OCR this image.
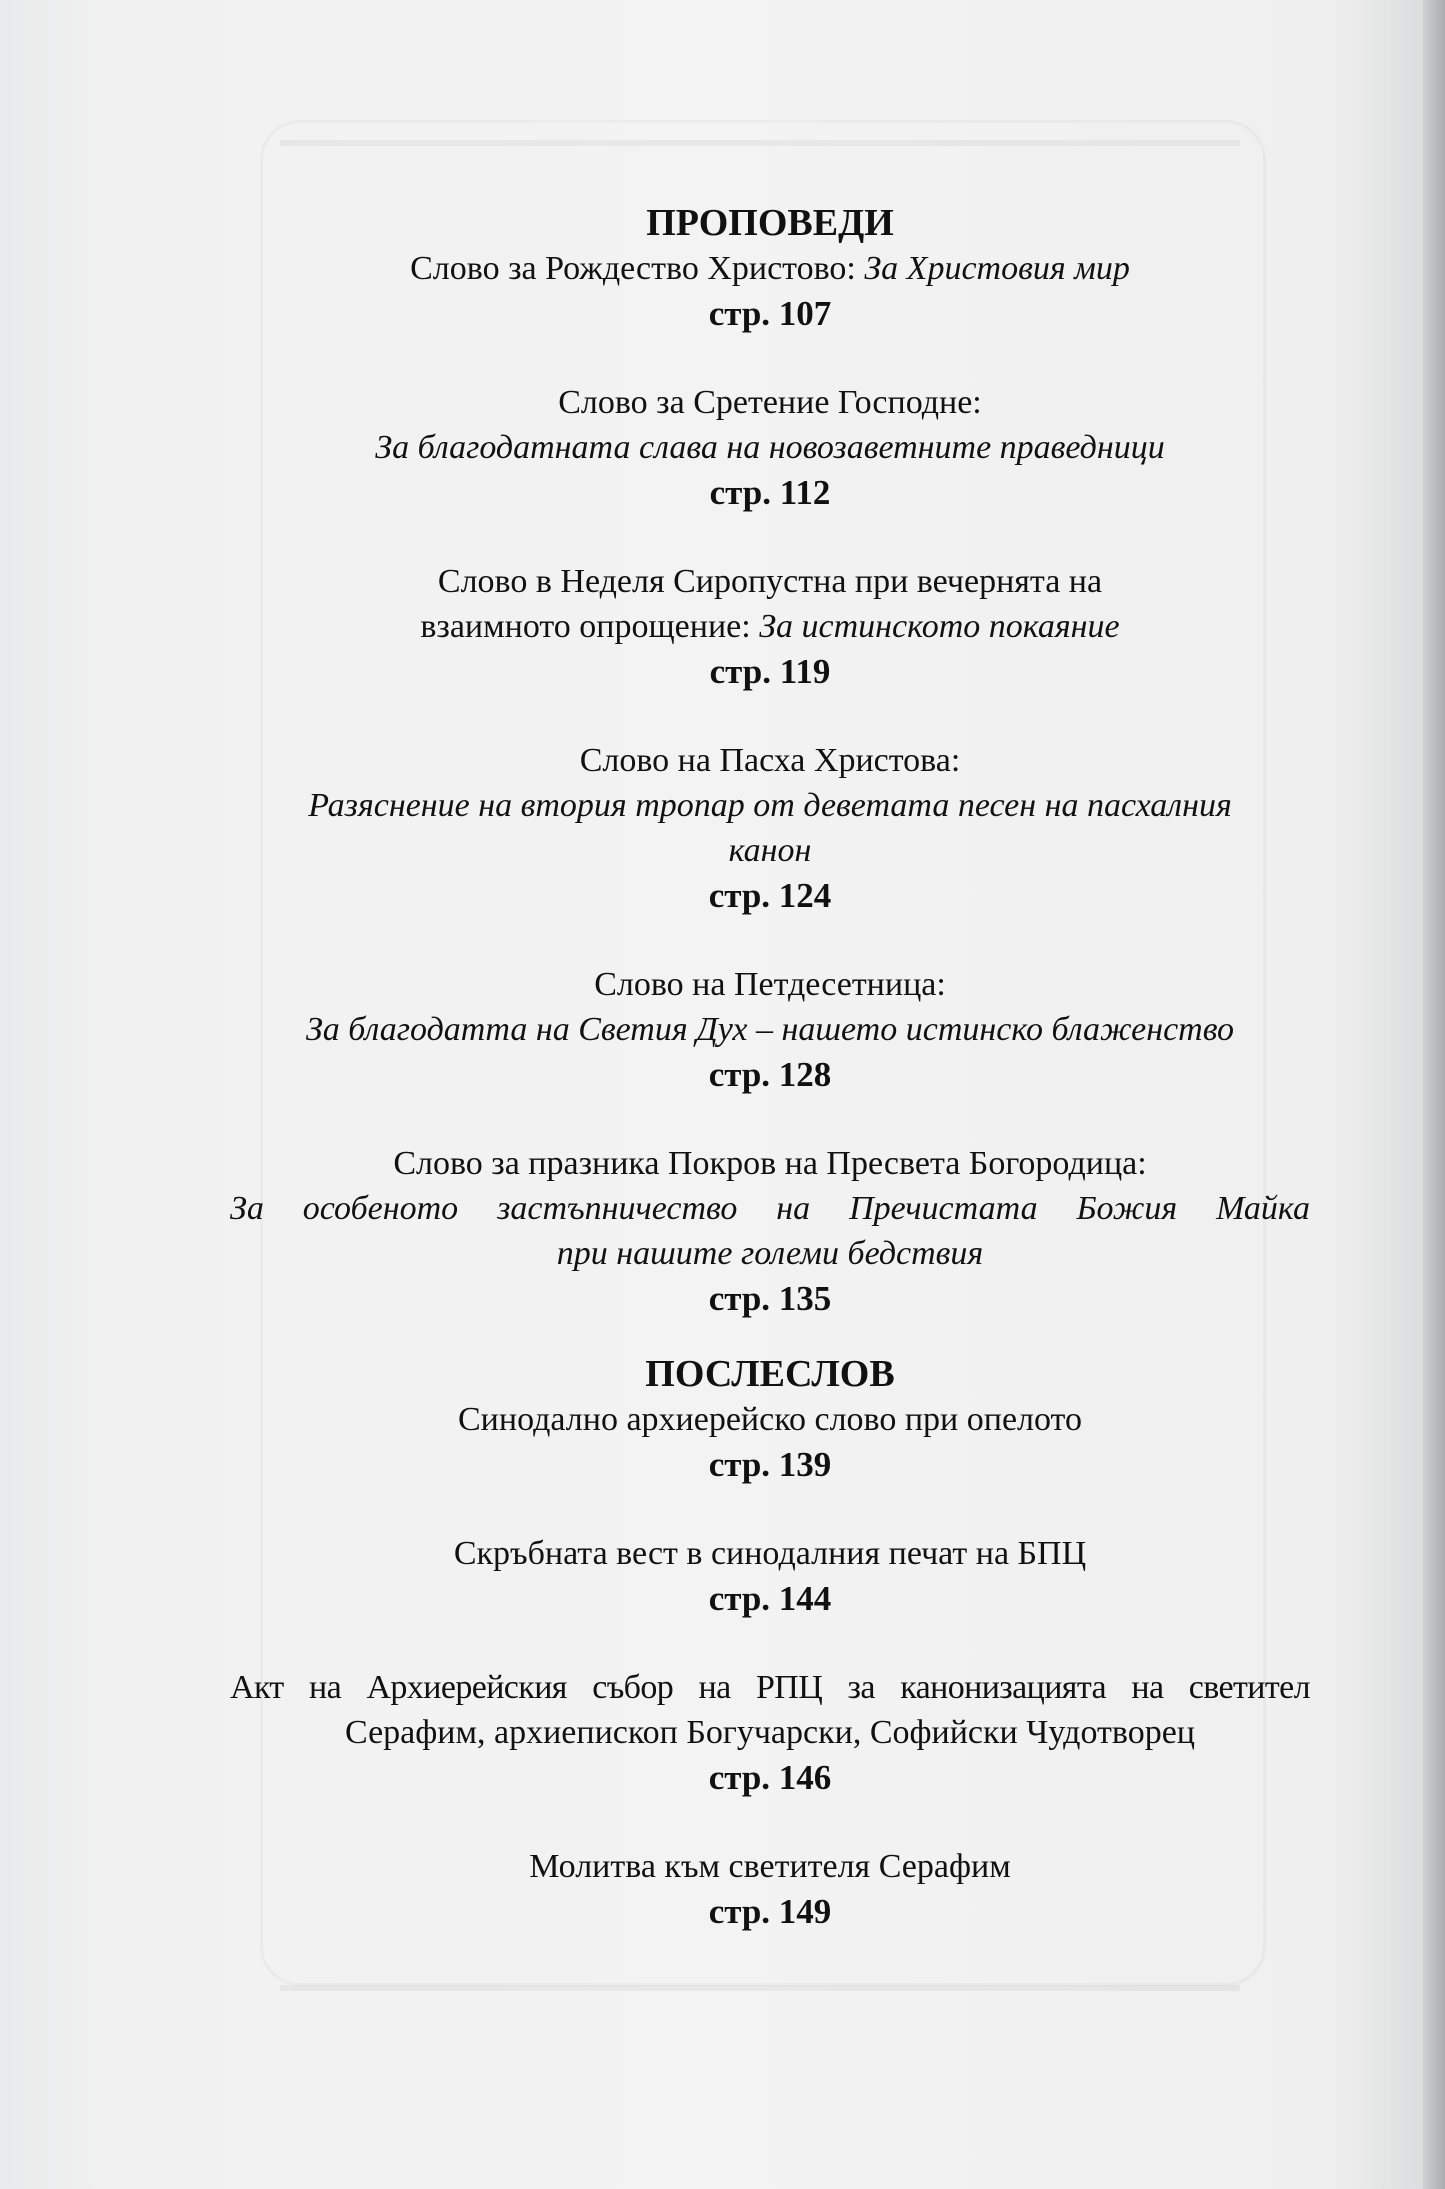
ПРОПОВЕДИ

Слово за Рождество Христово: За Христовия мир
стр. 107
Слово за Сретение Господне:
За благодатната слава на новозаветните праведници
стр. 112
Слово в Неделя Сиропустна при вечернята на
взаимното опрощение: За истинското покаяние
стр. 119
Слово на Пасха Христова:
Разяснение на втория тропар от деветата песен на пасхалния
канон
стр. 124
Слово на Петдесетница:
За благодатта на Светия Дух – нашето истинско блаженство
стр. 128
Слово за празника Покров на Пресвета Богородица:
За особеното застъпничество на Пречистата Божия Майка
при нашите големи бедствия
стр. 135

ПОСЛЕСЛОВ

Синодално архиерейско слово при опелото
стр. 139
Скръбната вест в синодалния печат на БПЦ
стр. 144
Акт на Архиерейския събор на РПЦ за канонизацията на светител
Серафим, архиепископ Богучарски, Софийски Чудотворец
стр. 146
Молитва към светителя Серафим
стр. 149
